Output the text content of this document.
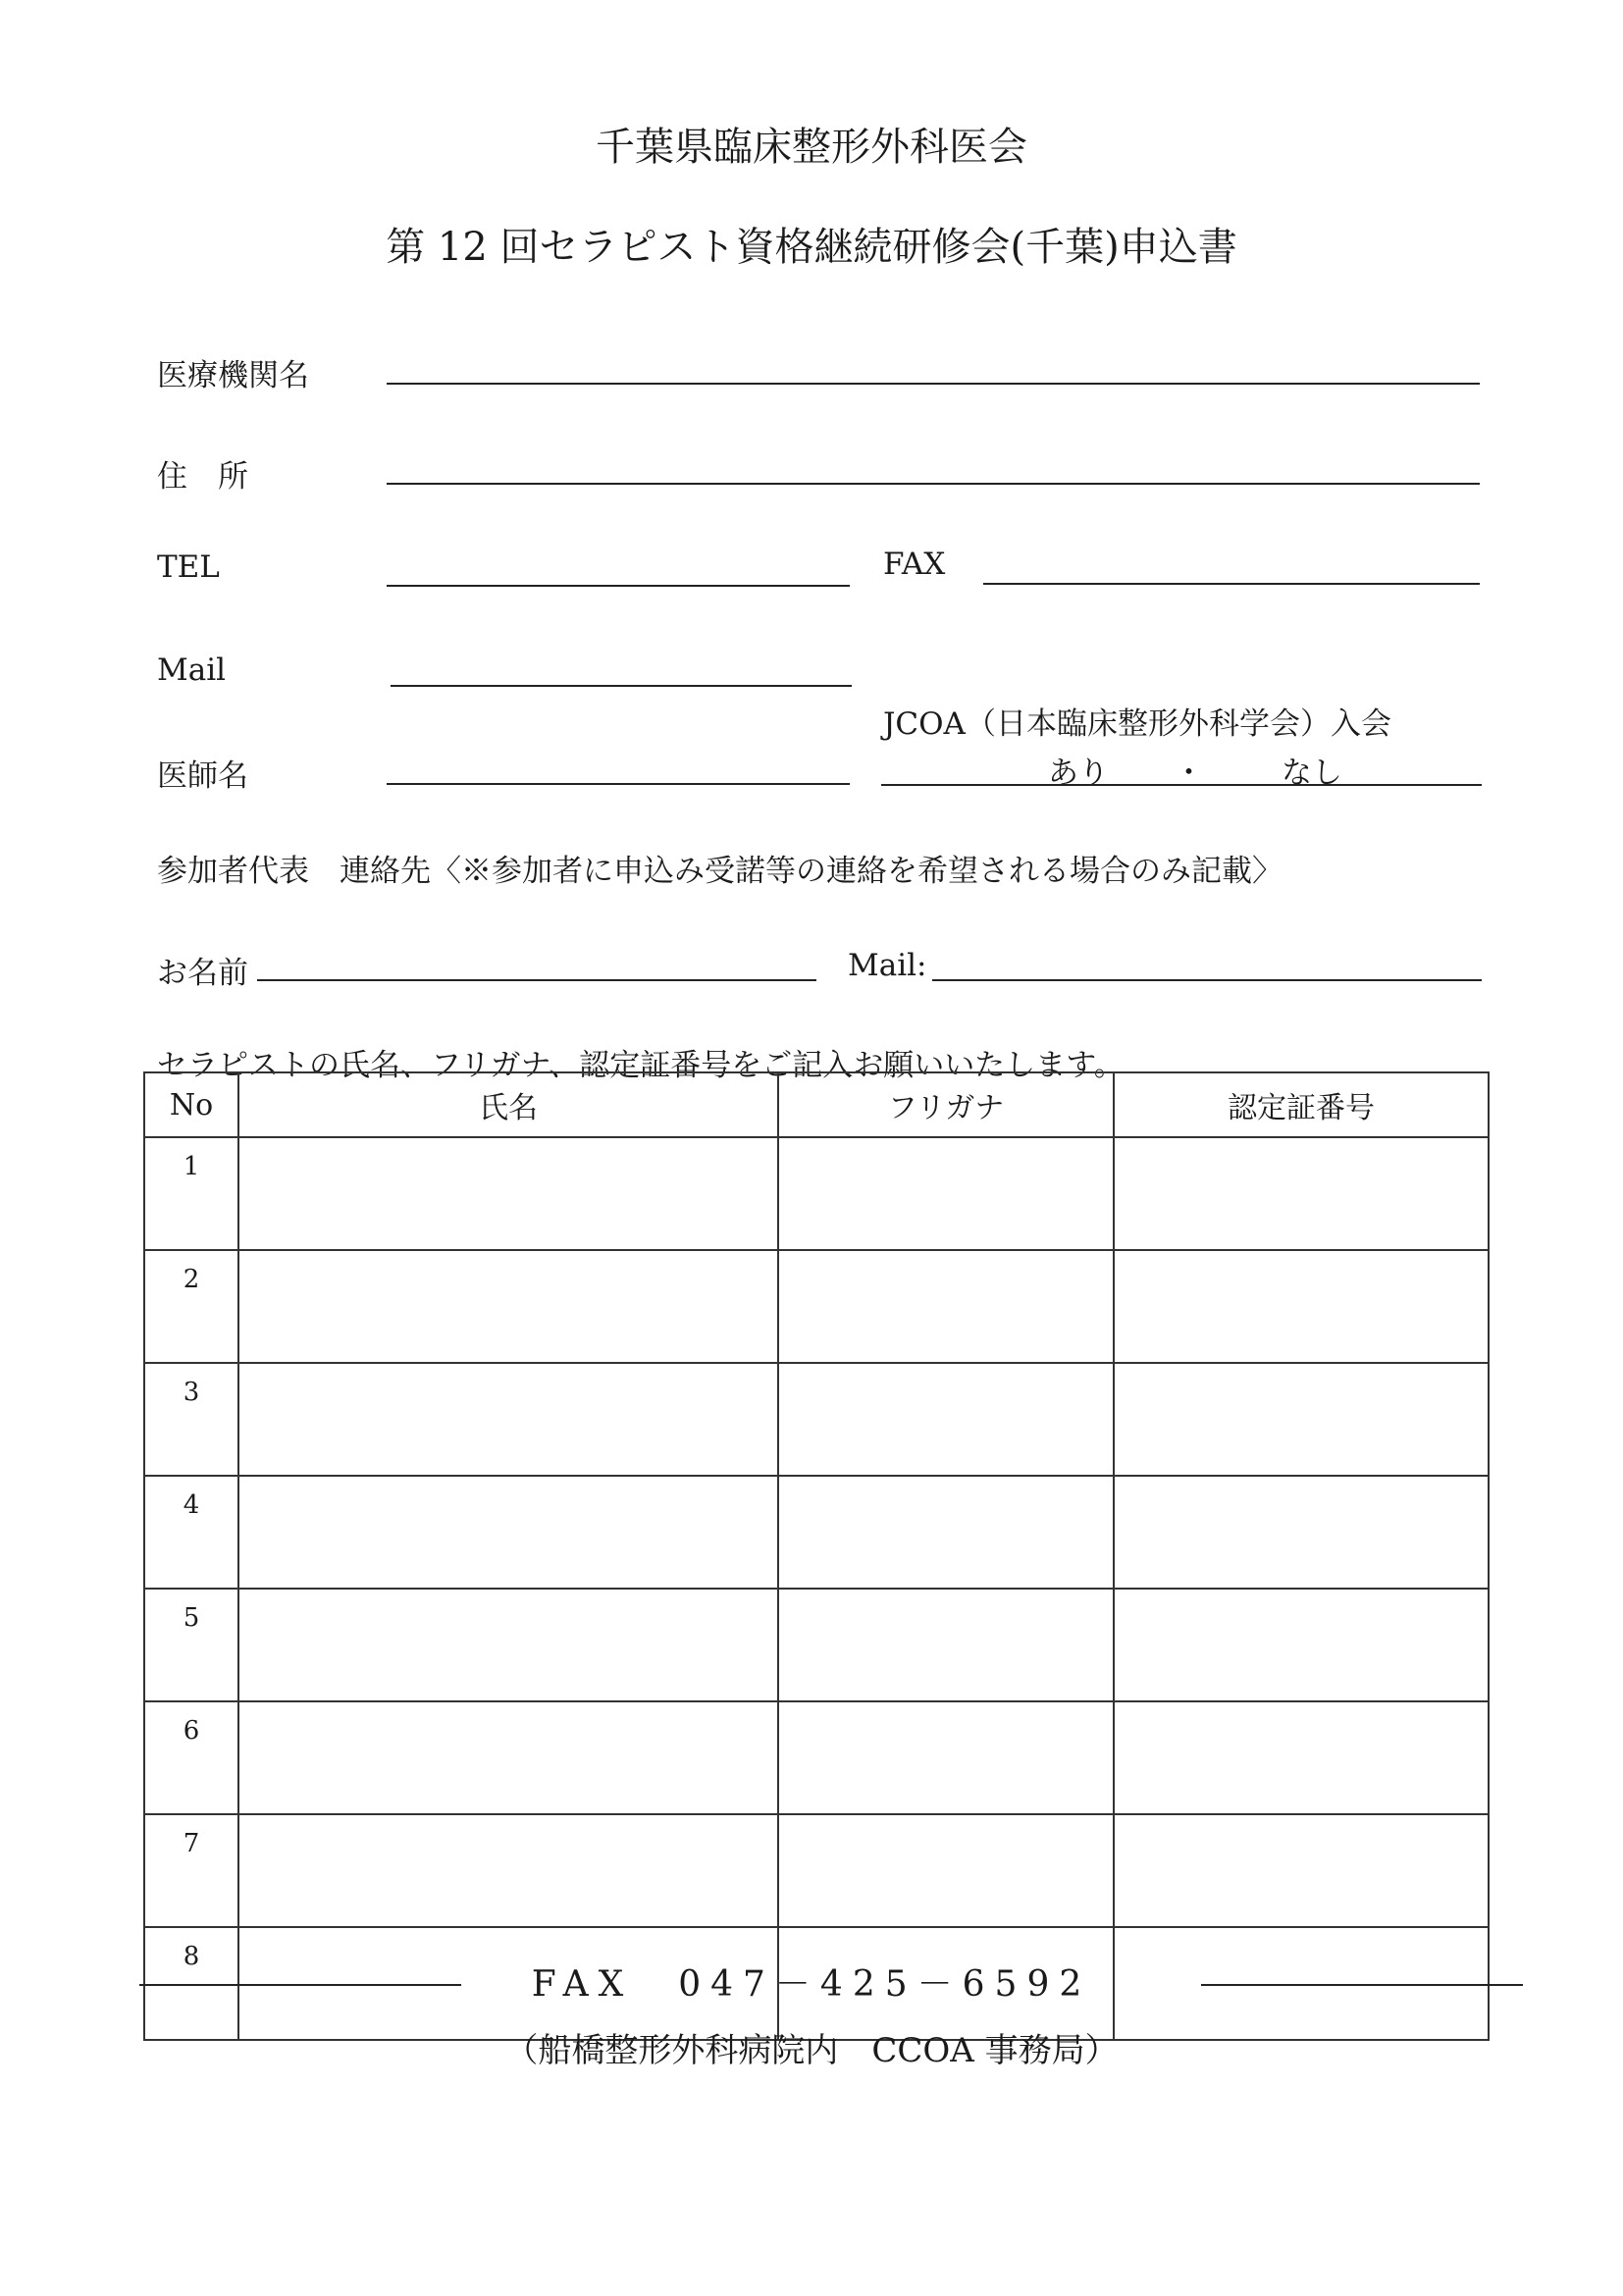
千葉県臨床整形外科医会
第 12 回セラピスト資格継続研修会(千葉)申込書
医療機関名
住　所
TEL	FAX
Mail
JCOA（日本臨床整形外科学会）入会
あり ・	なし
医師名
参加者代表　連絡先〈※参加者に申込み受諾等の連絡を希望される場合のみ記載〉
お名前	Mail:
セラピストの氏名、フリガナ、認定証番号をご記入お願いいたします。
No	氏名	フリガナ	認定証番号
1			
2			
3			
4			
5			
6			
7			
8			
FAX　047－425－6592
（船橋整形外科病院内　CCOA 事務局）
